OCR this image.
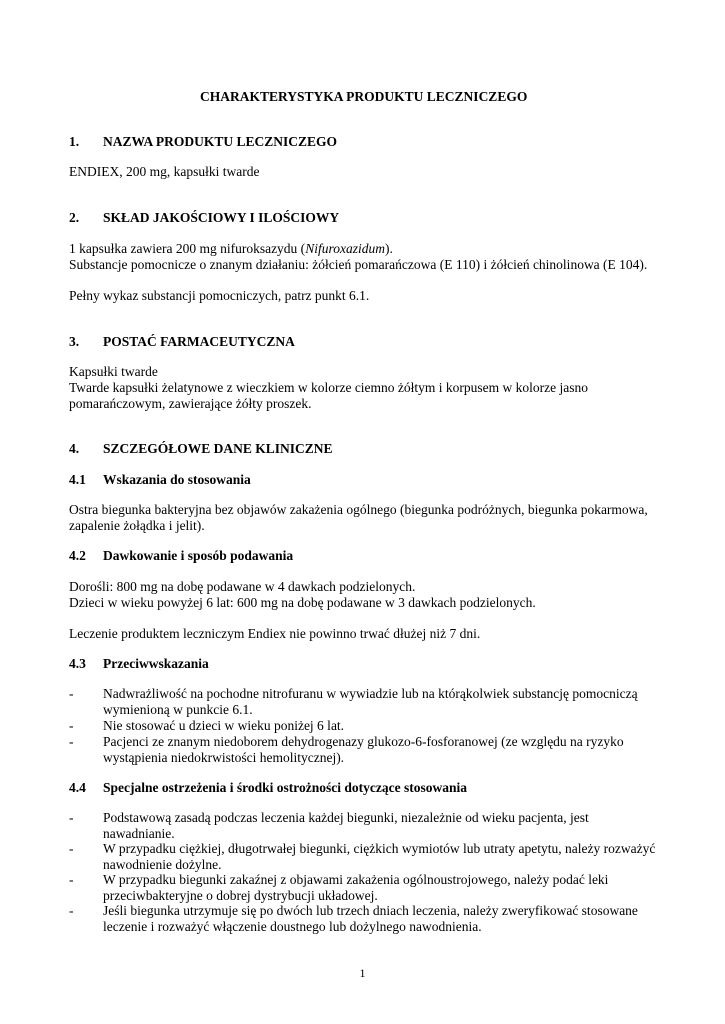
CHARAKTERYSTYKA PRODUKTU LECZNICZEGO
1. NAZWA PRODUKTU LECZNICZEGO
ENDIEX, 200 mg, kapsułki twarde
2. SKŁAD JAKOŚCIOWY I ILOŚCIOWY
1 kapsułka zawiera 200 mg nifuroksazydu (Nifuroxazidum).
Substancje pomocnicze o znanym działaniu: żółcień pomarańczowa (E 110) i żółcień chinolinowa (E 104).
Pełny wykaz substancji pomocniczych, patrz punkt 6.1.
3. POSTAĆ FARMACEUTYCZNA
Kapsułki twarde
Twarde kapsułki żelatynowe z wieczkiem w kolorze ciemno żółtym i korpusem w kolorze jasno
pomarańczowym, zawierające żółty proszek.
4. SZCZEGÓŁOWE DANE KLINICZNE
4.1 Wskazania do stosowania
Ostra biegunka bakteryjna bez objawów zakażenia ogólnego (biegunka podróżnych, biegunka pokarmowa,
zapalenie żołądka i jelit).
4.2 Dawkowanie i sposób podawania
Dorośli: 800 mg na dobę podawane w 4 dawkach podzielonych.
Dzieci w wieku powyżej 6 lat: 600 mg na dobę podawane w 3 dawkach podzielonych.
Leczenie produktem leczniczym Endiex nie powinno trwać dłużej niż 7 dni.
4.3 Przeciwwskazania
- Nadwrażliwość na pochodne nitrofuranu w wywiadzie lub na którąkolwiek substancję pomocniczą
wymienioną w punkcie 6.1.
- Nie stosować u dzieci w wieku poniżej 6 lat.
- Pacjenci ze znanym niedoborem dehydrogenazy glukozo-6-fosforanowej (ze względu na ryzyko
wystąpienia niedokrwistości hemolitycznej).
4.4 Specjalne ostrzeżenia i środki ostrożności dotyczące stosowania
- Podstawową zasadą podczas leczenia każdej biegunki, niezależnie od wieku pacjenta, jest
nawadnianie.
- W przypadku ciężkiej, długotrwałej biegunki, ciężkich wymiotów lub utraty apetytu, należy rozważyć
nawodnienie dożylne.
- W przypadku biegunki zakaźnej z objawami zakażenia ogólnoustrojowego, należy podać leki
przeciwbakteryjne o dobrej dystrybucji układowej.
- Jeśli biegunka utrzymuje się po dwóch lub trzech dniach leczenia, należy zweryfikować stosowane
leczenie i rozważyć włączenie doustnego lub dożylnego nawodnienia.
1
